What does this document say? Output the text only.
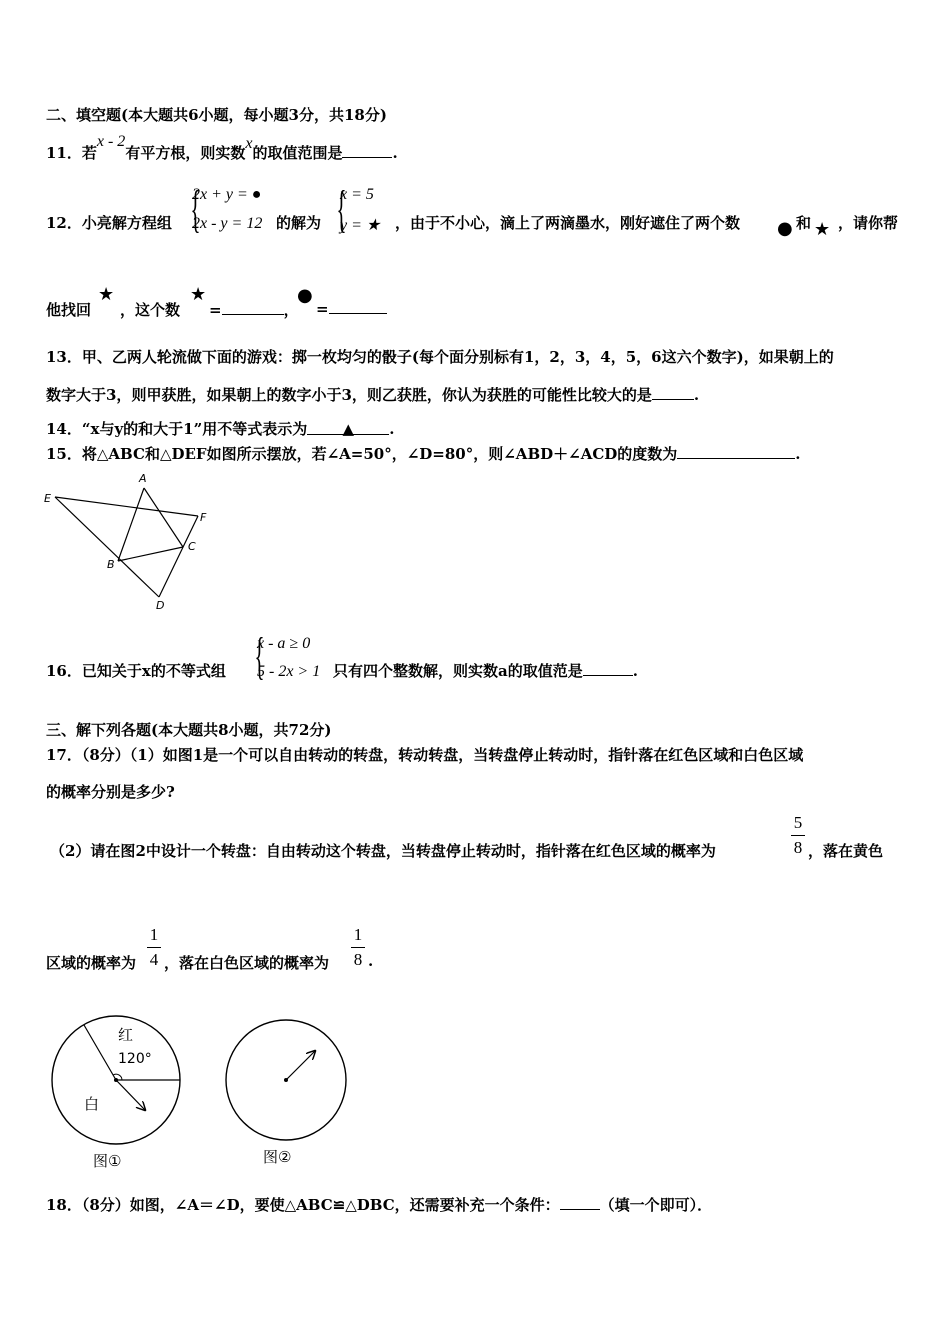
二、填空题(本大题共6小题，每小题3分，共18分)
11．若x - 2有平方根，则实数x的取值范围是	.
12．小亮解方程组 {
2x + y = ●
2x - y = 12 的解为 {
x = 5
y = ★ ，由于不小心，滴上了两滴墨水，刚好遮住了两个数 ● 和 ★ ，请你帮
他找回
★
，这个数
★
=	，
●
=
13．甲、乙两人轮流做下面的游戏：掷一枚均匀的骰子(每个面分别标有1，2，3，4，5，6这六个数字)，如果朝上的
数字大于3，则甲获胜，如果朝上的数字小于3，则乙获胜，你认为获胜的可能性比较大的是	.
14．“x与y的和大于1”用不等式表示为 ▲ .
15．将△ABC和△DEF如图所示摆放，若∠A=50°，∠D=80°，则∠ABD＋∠ACD的度数为	.
A
E
F
C
B
D
16．已知关于x的不等式组 {
x - a ≥ 0
5 - 2x > 1 只有四个整数解，则实数a的取值范是	.
三、解下列各题(本大题共8小题，共72分)
17．（8分）（1）如图1是一个可以自由转动的转盘，转动转盘，当转盘停止转动时，指针落在红色区域和白色区域
的概率分别是多少?
（2）请在图2中设计一个转盘：自由转动这个转盘，当转盘停止转动时，指针落在红色区域的概率为
5
8 ，落在黄色
区域的概率为
1
4 ，落在白色区域的概率为
1
8 .
红
120°
白
图①	图②
18．（8分）如图，∠A＝∠D，要使△ABC≌△DBC，还需要补充一个条件：	（填一个即可）．
